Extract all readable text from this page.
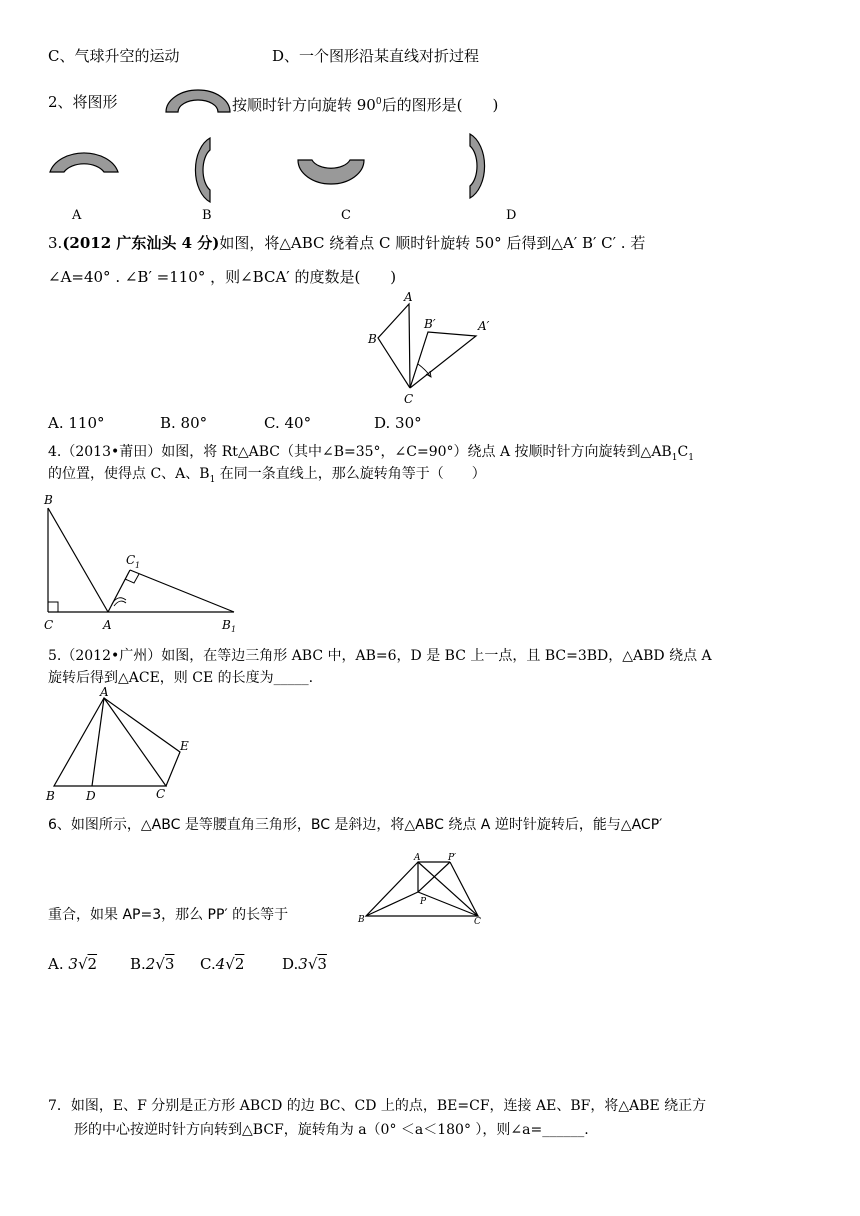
C、气球升空的运动	D、一个图形沿某直线对折过程
2、将图形	按顺时针方向旋转 $90^0$后的图形是(　　)
A	B	C	D
3.(2012 广东汕头 4 分)如图，将△ABC 绕着点 C 顺时针旋转 50° 后得到△A′ B′ C′ . 若
∠A=40° . ∠B′ =110° ，则∠BCA′ 的度数是(　　)
A
B
B′	A′
C
A. 110°	B. 80°	C. 40°	D. 30°
4.（2013•莆田）如图，将 Rt△ABC（其中∠B=35°，∠C=90°）绕点 A 按顺时针方向旋转到$\triangle AB_1C_1$
的位置，使得点 C、A、$B_1$ 在同一条直线上，那么旋转角等于（　　）
B
C 1
C	A	B 1
5.（2012•广州）如图，在等边三角形 ABC 中，AB=6，D 是 BC 上一点，且 BC=3BD，△ABD 绕点 A
旋转后得到△ACE，则 CE 的长度为_____.
A
E
B	D	C
6、如图所示，△ABC 是等腰直角三角形，BC 是斜边，将△ABC 绕点 A 逆时针旋转后，能与△ACP′
A	P′
P
B	C
重合，如果 AP=3，那么 PP′ 的长等于
A. 3√2 B.2√3 C.4√2	D.3√3
7．如图，E、F 分别是正方形 ABCD 的边 BC、CD 上的点，BE=CF，连接 AE、BF，将△ABE 绕正方
形的中心按逆时针方向转到△BCF，旋转角为 a（0° ＜a＜180° ），则∠a=______.
